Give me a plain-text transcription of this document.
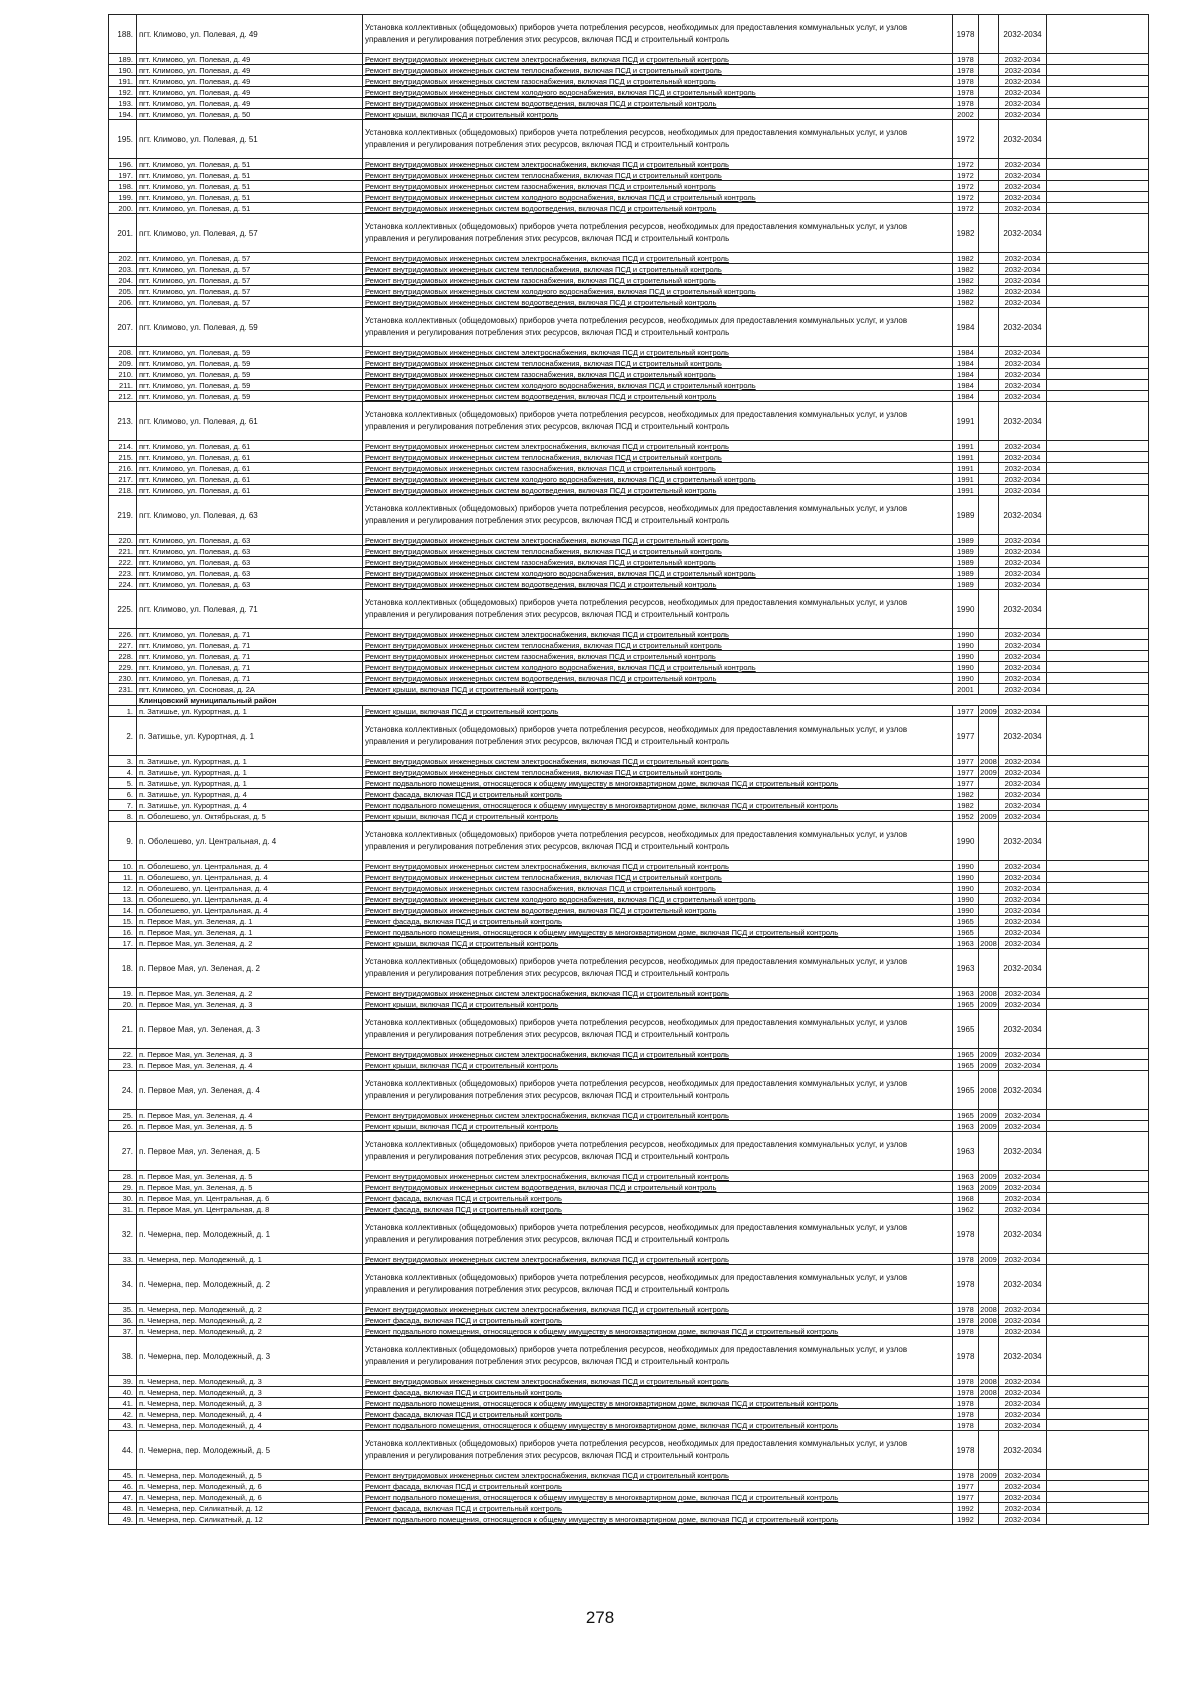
188.	пгт. Климово, ул. Полевая, д. 49	Установка коллективных (общедомовых) приборов учета потребления ресурсов, необходимых для предоставления коммунальных услуг, и узлов управления и регулирования потребления этих ресурсов, включая ПСД и строительный контроль	1978		2032-2034	
189.	пгт. Климово, ул. Полевая, д. 49	Ремонт внутридомовых инженерных систем электроснабжения, включая ПСД и строительный контроль	1978		2032-2034	
190.	пгт. Климово, ул. Полевая, д. 49	Ремонт внутридомовых инженерных систем теплоснабжения, включая ПСД и строительный контроль	1978		2032-2034	
191.	пгт. Климово, ул. Полевая, д. 49	Ремонт внутридомовых инженерных систем газоснабжения, включая ПСД и строительный контроль	1978		2032-2034	
192.	пгт. Климово, ул. Полевая, д. 49	Ремонт внутридомовых инженерных систем холодного водоснабжения, включая ПСД и строительный контроль	1978		2032-2034	
193.	пгт. Климово, ул. Полевая, д. 49	Ремонт внутридомовых инженерных систем водоотведения, включая ПСД и строительный контроль	1978		2032-2034	
194.	пгт. Климово, ул. Полевая, д. 50	Ремонт крыши, включая ПСД и строительный контроль	2002		2032-2034	
195.	пгт. Климово, ул. Полевая, д. 51	Установка коллективных (общедомовых) приборов учета потребления ресурсов, необходимых для предоставления коммунальных услуг, и узлов управления и регулирования потребления этих ресурсов, включая ПСД и строительный контроль	1972		2032-2034	
196.	пгт. Климово, ул. Полевая, д. 51	Ремонт внутридомовых инженерных систем электроснабжения, включая ПСД и строительный контроль	1972		2032-2034	
197.	пгт. Климово, ул. Полевая, д. 51	Ремонт внутридомовых инженерных систем теплоснабжения, включая ПСД и строительный контроль	1972		2032-2034	
198.	пгт. Климово, ул. Полевая, д. 51	Ремонт внутридомовых инженерных систем газоснабжения, включая ПСД и строительный контроль	1972		2032-2034	
199.	пгт. Климово, ул. Полевая, д. 51	Ремонт внутридомовых инженерных систем холодного водоснабжения, включая ПСД и строительный контроль	1972		2032-2034	
200.	пгт. Климово, ул. Полевая, д. 51	Ремонт внутридомовых инженерных систем водоотведения, включая ПСД и строительный контроль	1972		2032-2034	
201.	пгт. Климово, ул. Полевая, д. 57	Установка коллективных (общедомовых) приборов учета потребления ресурсов, необходимых для предоставления коммунальных услуг, и узлов управления и регулирования потребления этих ресурсов, включая ПСД и строительный контроль	1982		2032-2034	
202.	пгт. Климово, ул. Полевая, д. 57	Ремонт внутридомовых инженерных систем электроснабжения, включая ПСД и строительный контроль	1982		2032-2034	
203.	пгт. Климово, ул. Полевая, д. 57	Ремонт внутридомовых инженерных систем теплоснабжения, включая ПСД и строительный контроль	1982		2032-2034	
204.	пгт. Климово, ул. Полевая, д. 57	Ремонт внутридомовых инженерных систем газоснабжения, включая ПСД и строительный контроль	1982		2032-2034	
205.	пгт. Климово, ул. Полевая, д. 57	Ремонт внутридомовых инженерных систем холодного водоснабжения, включая ПСД и строительный контроль	1982		2032-2034	
206.	пгт. Климово, ул. Полевая, д. 57	Ремонт внутридомовых инженерных систем водоотведения, включая ПСД и строительный контроль	1982		2032-2034	
207.	пгт. Климово, ул. Полевая, д. 59	Установка коллективных (общедомовых) приборов учета потребления ресурсов, необходимых для предоставления коммунальных услуг, и узлов управления и регулирования потребления этих ресурсов, включая ПСД и строительный контроль	1984		2032-2034	
208.	пгт. Климово, ул. Полевая, д. 59	Ремонт внутридомовых инженерных систем электроснабжения, включая ПСД и строительный контроль	1984		2032-2034	
209.	пгт. Климово, ул. Полевая, д. 59	Ремонт внутридомовых инженерных систем теплоснабжения, включая ПСД и строительный контроль	1984		2032-2034	
210.	пгт. Климово, ул. Полевая, д. 59	Ремонт внутридомовых инженерных систем газоснабжения, включая ПСД и строительный контроль	1984		2032-2034	
211.	пгт. Климово, ул. Полевая, д. 59	Ремонт внутридомовых инженерных систем холодного водоснабжения, включая ПСД и строительный контроль	1984		2032-2034	
212.	пгт. Климово, ул. Полевая, д. 59	Ремонт внутридомовых инженерных систем водоотведения, включая ПСД и строительный контроль	1984		2032-2034	
213.	пгт. Климово, ул. Полевая, д. 61	Установка коллективных (общедомовых) приборов учета потребления ресурсов, необходимых для предоставления коммунальных услуг, и узлов управления и регулирования потребления этих ресурсов, включая ПСД и строительный контроль	1991		2032-2034	
214.	пгт. Климово, ул. Полевая, д. 61	Ремонт внутридомовых инженерных систем электроснабжения, включая ПСД и строительный контроль	1991		2032-2034	
215.	пгт. Климово, ул. Полевая, д. 61	Ремонт внутридомовых инженерных систем теплоснабжения, включая ПСД и строительный контроль	1991		2032-2034	
216.	пгт. Климово, ул. Полевая, д. 61	Ремонт внутридомовых инженерных систем газоснабжения, включая ПСД и строительный контроль	1991		2032-2034	
217.	пгт. Климово, ул. Полевая, д. 61	Ремонт внутридомовых инженерных систем холодного водоснабжения, включая ПСД и строительный контроль	1991		2032-2034	
218.	пгт. Климово, ул. Полевая, д. 61	Ремонт внутридомовых инженерных систем водоотведения, включая ПСД и строительный контроль	1991		2032-2034	
219.	пгт. Климово, ул. Полевая, д. 63	Установка коллективных (общедомовых) приборов учета потребления ресурсов, необходимых для предоставления коммунальных услуг, и узлов управления и регулирования потребления этих ресурсов, включая ПСД и строительный контроль	1989		2032-2034	
220.	пгт. Климово, ул. Полевая, д. 63	Ремонт внутридомовых инженерных систем электроснабжения, включая ПСД и строительный контроль	1989		2032-2034	
221.	пгт. Климово, ул. Полевая, д. 63	Ремонт внутридомовых инженерных систем теплоснабжения, включая ПСД и строительный контроль	1989		2032-2034	
222.	пгт. Климово, ул. Полевая, д. 63	Ремонт внутридомовых инженерных систем газоснабжения, включая ПСД и строительный контроль	1989		2032-2034	
223.	пгт. Климово, ул. Полевая, д. 63	Ремонт внутридомовых инженерных систем холодного водоснабжения, включая ПСД и строительный контроль	1989		2032-2034	
224.	пгт. Климово, ул. Полевая, д. 63	Ремонт внутридомовых инженерных систем водоотведения, включая ПСД и строительный контроль	1989		2032-2034	
225.	пгт. Климово, ул. Полевая, д. 71	Установка коллективных (общедомовых) приборов учета потребления ресурсов, необходимых для предоставления коммунальных услуг, и узлов управления и регулирования потребления этих ресурсов, включая ПСД и строительный контроль	1990		2032-2034	
226.	пгт. Климово, ул. Полевая, д. 71	Ремонт внутридомовых инженерных систем электроснабжения, включая ПСД и строительный контроль	1990		2032-2034	
227.	пгт. Климово, ул. Полевая, д. 71	Ремонт внутридомовых инженерных систем теплоснабжения, включая ПСД и строительный контроль	1990		2032-2034	
228.	пгт. Климово, ул. Полевая, д. 71	Ремонт внутридомовых инженерных систем газоснабжения, включая ПСД и строительный контроль	1990		2032-2034	
229.	пгт. Климово, ул. Полевая, д. 71	Ремонт внутридомовых инженерных систем холодного водоснабжения, включая ПСД и строительный контроль	1990		2032-2034	
230.	пгт. Климово, ул. Полевая, д. 71	Ремонт внутридомовых инженерных систем водоотведения, включая ПСД и строительный контроль	1990		2032-2034	
231.	пгт. Климово, ул. Сосновая, д. 2А	Ремонт крыши, включая ПСД и строительный контроль	2001		2032-2034	
	Клинцовский муниципальный район					
1.	п. Затишье, ул. Курортная, д. 1	Ремонт крыши, включая ПСД и строительный контроль	1977	2009	2032-2034	
2.	п. Затишье, ул. Курортная, д. 1	Установка коллективных (общедомовых) приборов учета потребления ресурсов, необходимых для предоставления коммунальных услуг, и узлов управления и регулирования потребления этих ресурсов, включая ПСД и строительный контроль	1977		2032-2034	
3.	п. Затишье, ул. Курортная, д. 1	Ремонт внутридомовых инженерных систем электроснабжения, включая ПСД и строительный контроль	1977	2008	2032-2034	
4.	п. Затишье, ул. Курортная, д. 1	Ремонт внутридомовых инженерных систем теплоснабжения, включая ПСД и строительный контроль	1977	2009	2032-2034	
5.	п. Затишье, ул. Курортная, д. 1	Ремонт подвального помещения, относящегося к общему имуществу в многоквартирном доме, включая ПСД и строительный контроль	1977		2032-2034	
6.	п. Затишье, ул. Курортная, д. 4	Ремонт фасада, включая ПСД и строительный контроль	1982		2032-2034	
7.	п. Затишье, ул. Курортная, д. 4	Ремонт подвального помещения, относящегося к общему имуществу в многоквартирном доме, включая ПСД и строительный контроль	1982		2032-2034	
8.	п. Оболешево, ул. Октябрьская, д. 5	Ремонт крыши, включая ПСД и строительный контроль	1952	2009	2032-2034	
9.	п. Оболешево, ул. Центральная, д. 4	Установка коллективных (общедомовых) приборов учета потребления ресурсов, необходимых для предоставления коммунальных услуг, и узлов управления и регулирования потребления этих ресурсов, включая ПСД и строительный контроль	1990		2032-2034	
10.	п. Оболешево, ул. Центральная, д. 4	Ремонт внутридомовых инженерных систем электроснабжения, включая ПСД и строительный контроль	1990		2032-2034	
11.	п. Оболешево, ул. Центральная, д. 4	Ремонт внутридомовых инженерных систем теплоснабжения, включая ПСД и строительный контроль	1990		2032-2034	
12.	п. Оболешево, ул. Центральная, д. 4	Ремонт внутридомовых инженерных систем газоснабжения, включая ПСД и строительный контроль	1990		2032-2034	
13.	п. Оболешево, ул. Центральная, д. 4	Ремонт внутридомовых инженерных систем холодного водоснабжения, включая ПСД и строительный контроль	1990		2032-2034	
14.	п. Оболешево, ул. Центральная, д. 4	Ремонт внутридомовых инженерных систем водоотведения, включая ПСД и строительный контроль	1990		2032-2034	
15.	п. Первое Мая, ул. Зеленая, д. 1	Ремонт фасада, включая ПСД и строительный контроль	1965		2032-2034	
16.	п. Первое Мая, ул. Зеленая, д. 1	Ремонт подвального помещения, относящегося к общему имуществу в многоквартирном доме, включая ПСД и строительный контроль	1965		2032-2034	
17.	п. Первое Мая, ул. Зеленая, д. 2	Ремонт крыши, включая ПСД и строительный контроль	1963	2008	2032-2034	
18.	п. Первое Мая, ул. Зеленая, д. 2	Установка коллективных (общедомовых) приборов учета потребления ресурсов, необходимых для предоставления коммунальных услуг, и узлов управления и регулирования потребления этих ресурсов, включая ПСД и строительный контроль	1963		2032-2034	
19.	п. Первое Мая, ул. Зеленая, д. 2	Ремонт внутридомовых инженерных систем электроснабжения, включая ПСД и строительный контроль	1963	2008	2032-2034	
20.	п. Первое Мая, ул. Зеленая, д. 3	Ремонт крыши, включая ПСД и строительный контроль	1965	2009	2032-2034	
21.	п. Первое Мая, ул. Зеленая, д. 3	Установка коллективных (общедомовых) приборов учета потребления ресурсов, необходимых для предоставления коммунальных услуг, и узлов управления и регулирования потребления этих ресурсов, включая ПСД и строительный контроль	1965		2032-2034	
22.	п. Первое Мая, ул. Зеленая, д. 3	Ремонт внутридомовых инженерных систем электроснабжения, включая ПСД и строительный контроль	1965	2009	2032-2034	
23.	п. Первое Мая, ул. Зеленая, д. 4	Ремонт крыши, включая ПСД и строительный контроль	1965	2009	2032-2034	
24.	п. Первое Мая, ул. Зеленая, д. 4	Установка коллективных (общедомовых) приборов учета потребления ресурсов, необходимых для предоставления коммунальных услуг, и узлов управления и регулирования потребления этих ресурсов, включая ПСД и строительный контроль	1965	2008	2032-2034	
25.	п. Первое Мая, ул. Зеленая, д. 4	Ремонт внутридомовых инженерных систем электроснабжения, включая ПСД и строительный контроль	1965	2009	2032-2034	
26.	п. Первое Мая, ул. Зеленая, д. 5	Ремонт крыши, включая ПСД и строительный контроль	1963	2009	2032-2034	
27.	п. Первое Мая, ул. Зеленая, д. 5	Установка коллективных (общедомовых) приборов учета потребления ресурсов, необходимых для предоставления коммунальных услуг, и узлов управления и регулирования потребления этих ресурсов, включая ПСД и строительный контроль	1963		2032-2034	
28.	п. Первое Мая, ул. Зеленая, д. 5	Ремонт внутридомовых инженерных систем электроснабжения, включая ПСД и строительный контроль	1963	2009	2032-2034	
29.	п. Первое Мая, ул. Зеленая, д. 5	Ремонт внутридомовых инженерных систем водоотведения, включая ПСД и строительный контроль	1963	2009	2032-2034	
30.	п. Первое Мая, ул. Центральная, д. 6	Ремонт фасада, включая ПСД и строительный контроль	1968		2032-2034	
31.	п. Первое Мая, ул. Центральная, д. 8	Ремонт фасада, включая ПСД и строительный контроль	1962		2032-2034	
32.	п. Чемерна, пер. Молодежный, д. 1	Установка коллективных (общедомовых) приборов учета потребления ресурсов, необходимых для предоставления коммунальных услуг, и узлов управления и регулирования потребления этих ресурсов, включая ПСД и строительный контроль	1978		2032-2034	
33.	п. Чемерна, пер. Молодежный, д. 1	Ремонт внутридомовых инженерных систем электроснабжения, включая ПСД и строительный контроль	1978	2009	2032-2034	
34.	п. Чемерна, пер. Молодежный, д. 2	Установка коллективных (общедомовых) приборов учета потребления ресурсов, необходимых для предоставления коммунальных услуг, и узлов управления и регулирования потребления этих ресурсов, включая ПСД и строительный контроль	1978		2032-2034	
35.	п. Чемерна, пер. Молодежный, д. 2	Ремонт внутридомовых инженерных систем электроснабжения, включая ПСД и строительный контроль	1978	2008	2032-2034	
36.	п. Чемерна, пер. Молодежный, д. 2	Ремонт фасада, включая ПСД и строительный контроль	1978	2008	2032-2034	
37.	п. Чемерна, пер. Молодежный, д. 2	Ремонт подвального помещения, относящегося к общему имуществу в многоквартирном доме, включая ПСД и строительный контроль	1978		2032-2034	
38.	п. Чемерна, пер. Молодежный, д. 3	Установка коллективных (общедомовых) приборов учета потребления ресурсов, необходимых для предоставления коммунальных услуг, и узлов управления и регулирования потребления этих ресурсов, включая ПСД и строительный контроль	1978		2032-2034	
39.	п. Чемерна, пер. Молодежный, д. 3	Ремонт внутридомовых инженерных систем электроснабжения, включая ПСД и строительный контроль	1978	2008	2032-2034	
40.	п. Чемерна, пер. Молодежный, д. 3	Ремонт фасада, включая ПСД и строительный контроль	1978	2008	2032-2034	
41.	п. Чемерна, пер. Молодежный, д. 3	Ремонт подвального помещения, относящегося к общему имуществу в многоквартирном доме, включая ПСД и строительный контроль	1978		2032-2034	
42.	п. Чемерна, пер. Молодежный, д. 4	Ремонт фасада, включая ПСД и строительный контроль	1978		2032-2034	
43.	п. Чемерна, пер. Молодежный, д. 4	Ремонт подвального помещения, относящегося к общему имуществу в многоквартирном доме, включая ПСД и строительный контроль	1978		2032-2034	
44.	п. Чемерна, пер. Молодежный, д. 5	Установка коллективных (общедомовых) приборов учета потребления ресурсов, необходимых для предоставления коммунальных услуг, и узлов управления и регулирования потребления этих ресурсов, включая ПСД и строительный контроль	1978		2032-2034	
45.	п. Чемерна, пер. Молодежный, д. 5	Ремонт внутридомовых инженерных систем электроснабжения, включая ПСД и строительный контроль	1978	2009	2032-2034	
46.	п. Чемерна, пер. Молодежный, д. 6	Ремонт фасада, включая ПСД и строительный контроль	1977		2032-2034	
47.	п. Чемерна, пер. Молодежный, д. 6	Ремонт подвального помещения, относящегося к общему имуществу в многоквартирном доме, включая ПСД и строительный контроль	1977		2032-2034	
48.	п. Чемерна, пер. Силикатный, д. 12	Ремонт фасада, включая ПСД и строительный контроль	1992		2032-2034	
49.	п. Чемерна, пер. Силикатный, д. 12	Ремонт подвального помещения, относящегося к общему имуществу в многоквартирном доме, включая ПСД и строительный контроль	1992		2032-2034	
278
